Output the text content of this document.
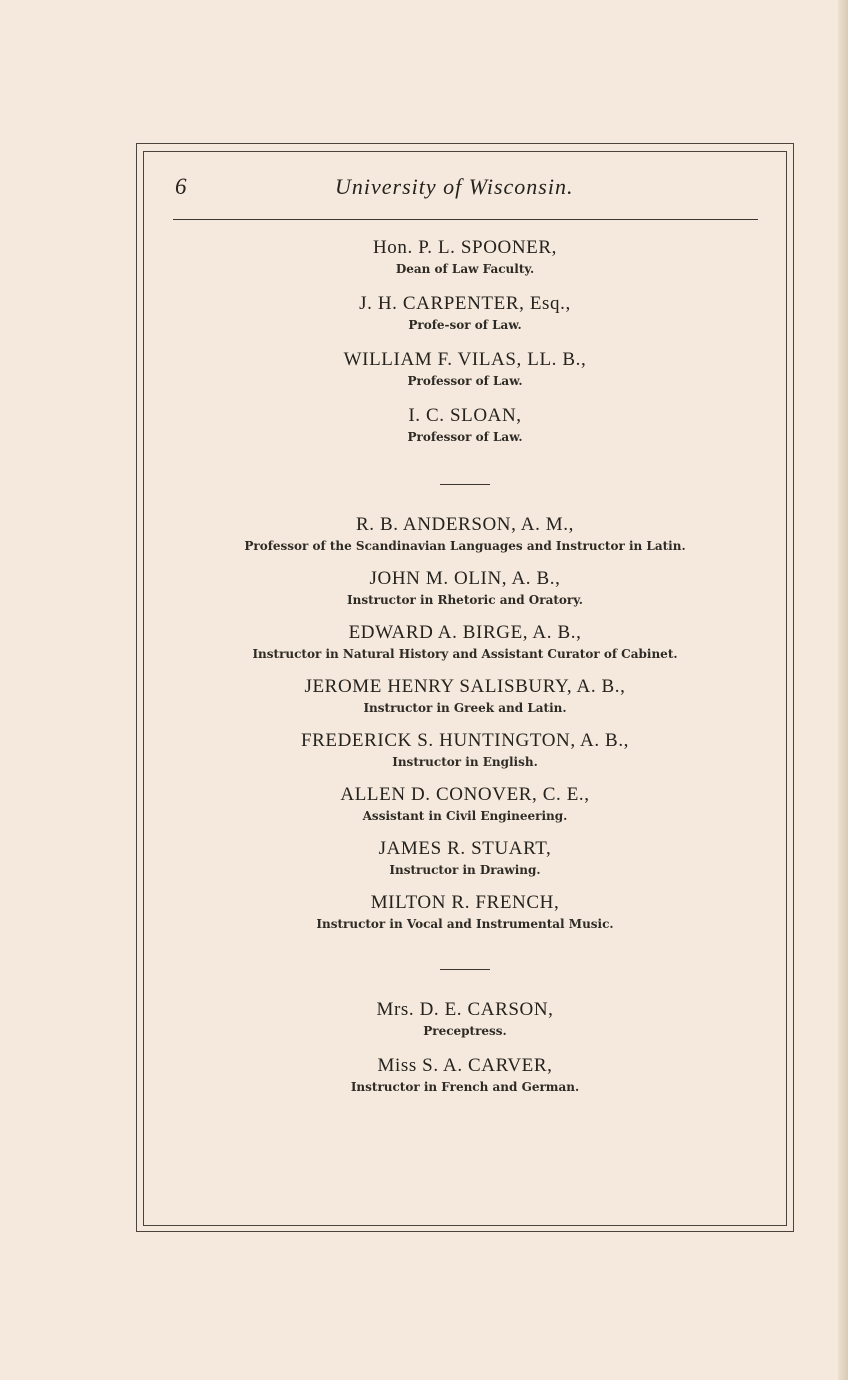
6	University of Wisconsin.
Hon. P. L. SPOONER,
Dean of Law Faculty.
J. H. CARPENTER, Esq.,
Profe-sor of Law.
WILLIAM F. VILAS, LL. B.,
Professor of Law.
I. C. SLOAN,
Professor of Law.
R. B. ANDERSON, A. M.,
Professor of the Scandinavian Languages and Instructor in Latin.
JOHN M. OLIN, A. B.,
Instructor in Rhetoric and Oratory.
EDWARD A. BIRGE, A. B.,
Instructor in Natural History and Assistant Curator of Cabinet.
JEROME HENRY SALISBURY, A. B.,
Instructor in Greek and Latin.
FREDERICK S. HUNTINGTON, A. B.,
Instructor in English.
ALLEN D. CONOVER, C. E.,
Assistant in Civil Engineering.
JAMES R. STUART,
Instructor in Drawing.
MILTON R. FRENCH,
Instructor in Vocal and Instrumental Music.
Mrs. D. E. CARSON,
Preceptress.
Miss S. A. CARVER,
Instructor in French and German.
